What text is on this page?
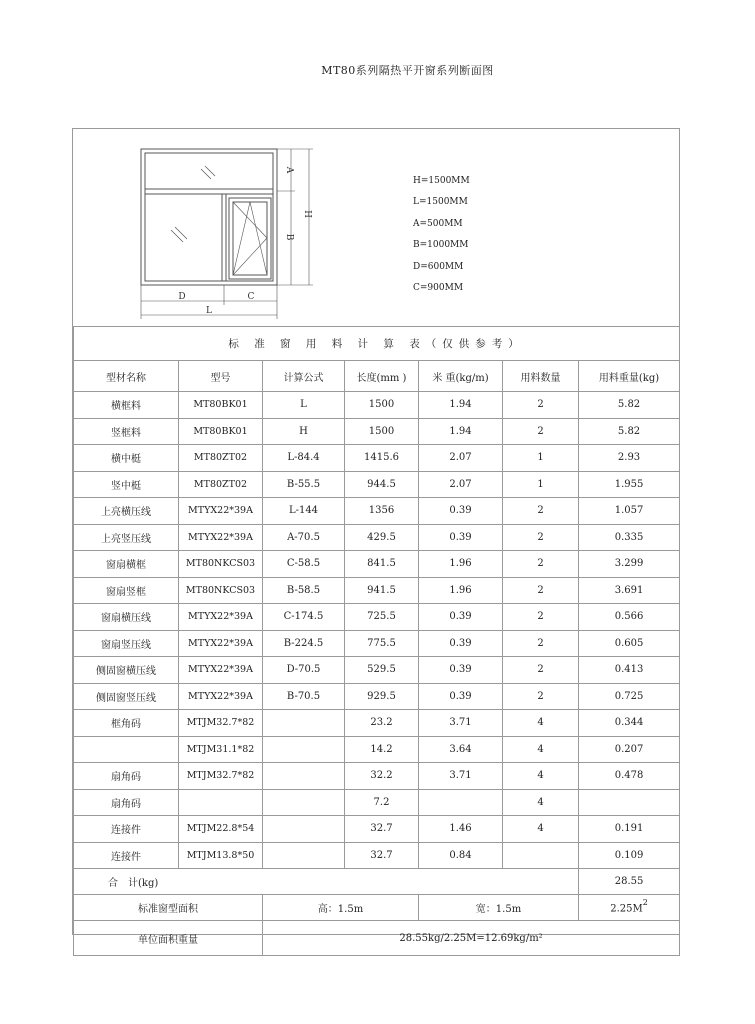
MT80系列隔热平开窗系列断面图
A
B
H
D	C
L
H=1500MM
L=1500MM
A=500MM
B=1000MM
D=600MM
C=900MM
标 准 窗 用 料 计 算 表（仅供参考）						
型材名称	型号	计算公式	长度(mm )	米 重(kg/m)	用料数量	用料重量(kg)
横框料	MT80BK01	L	1500	1.94	2	5.82
竖框料	MT80BK01	H	1500	1.94	2	5.82
横中梃	MT80ZT02	L-84.4	1415.6	2.07	1	2.93
竖中梃	MT80ZT02	B-55.5	944.5	2.07	1	1.955
上亮横压线	MTYX22*39A	L-144	1356	0.39	2	1.057
上亮竖压线	MTYX22*39A	A-70.5	429.5	0.39	2	0.335
窗扇横框	MT80NKCS03	C-58.5	841.5	1.96	2	3.299
窗扇竖框	MT80NKCS03	B-58.5	941.5	1.96	2	3.691
窗扇横压线	MTYX22*39A	C-174.5	725.5	0.39	2	0.566
窗扇竖压线	MTYX22*39A	B-224.5	775.5	0.39	2	0.605
侧固窗横压线	MTYX22*39A	D-70.5	529.5	0.39	2	0.413
侧固窗竖压线	MTYX22*39A	B-70.5	929.5	0.39	2	0.725
框角码	MTJM32.7*82		23.2	3.71	4	0.344
	MTJM31.1*82		14.2	3.64	4	0.207
扇角码	MTJM32.7*82		32.2	3.71	4	0.478
扇角码			7.2		4	
连接件	MTJM22.8*54		32.7	1.46	4	0.191
连接件	MTJM13.8*50		32.7	0.84		0.109
合　计(kg)						28.55
标准窗型面积		高：1.5m		宽：1.5m		$2.25M^2$
单位面积重量		28.55kg/2.25M=12.69kg/m²				
